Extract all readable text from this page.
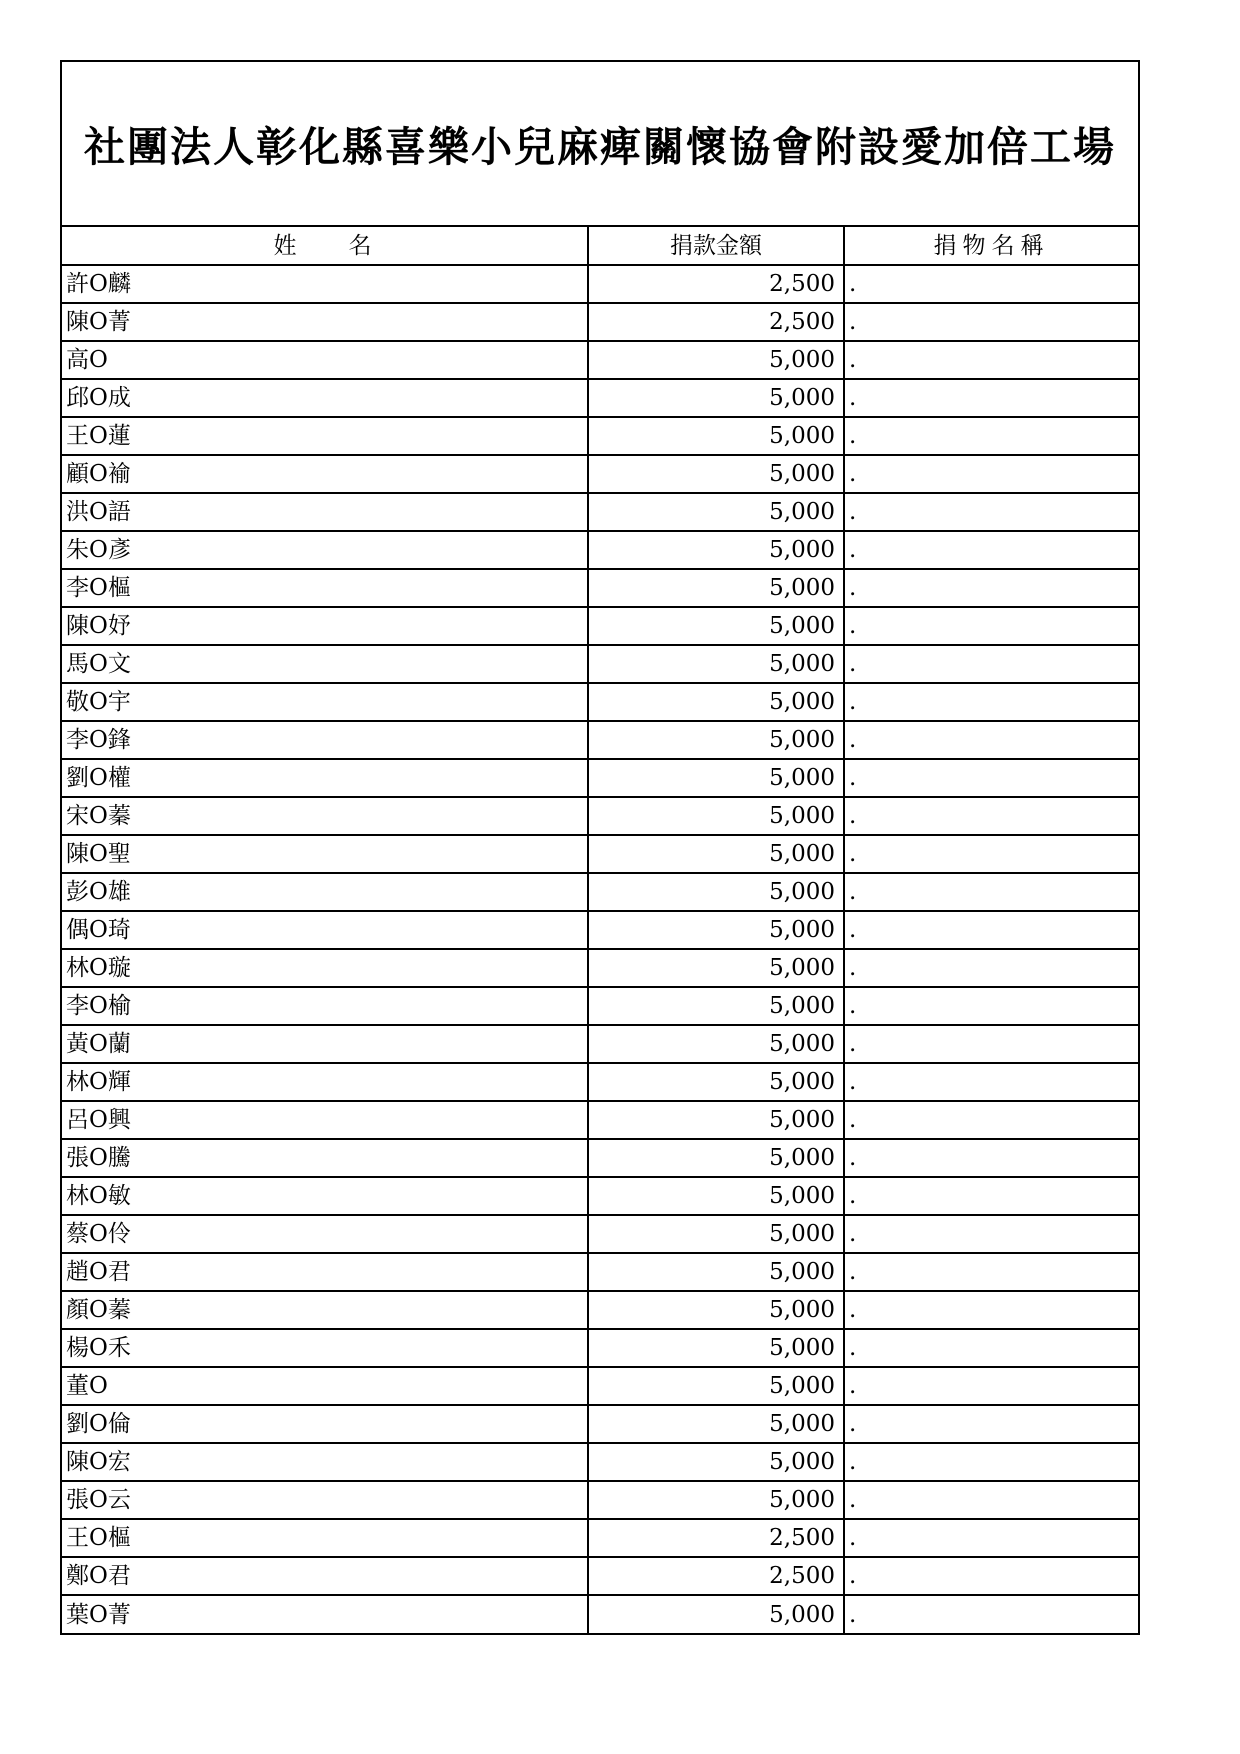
社團法人彰化縣喜樂小兒麻痺關懷協會附設愛加倍工場
姓名	捐款金額	捐物名稱
許O麟	2,500	.
陳O菁	2,500	.
高O	5,000	.
邱O成	5,000	.
王O蓮	5,000	.
顧O褕	5,000	.
洪O語	5,000	.
朱O彥	5,000	.
李O樞	5,000	.
陳O妤	5,000	.
馬O文	5,000	.
敬O宇	5,000	.
李O鋒	5,000	.
劉O權	5,000	.
宋O蓁	5,000	.
陳O聖	5,000	.
彭O雄	5,000	.
偶O琦	5,000	.
林O璇	5,000	.
李O榆	5,000	.
黃O蘭	5,000	.
林O輝	5,000	.
呂O興	5,000	.
張O騰	5,000	.
林O敏	5,000	.
蔡O伶	5,000	.
趙O君	5,000	.
顏O蓁	5,000	.
楊O禾	5,000	.
董O	5,000	.
劉O倫	5,000	.
陳O宏	5,000	.
張O云	5,000	.
王O樞	2,500	.
鄭O君	2,500	.
葉O菁	5,000	.
